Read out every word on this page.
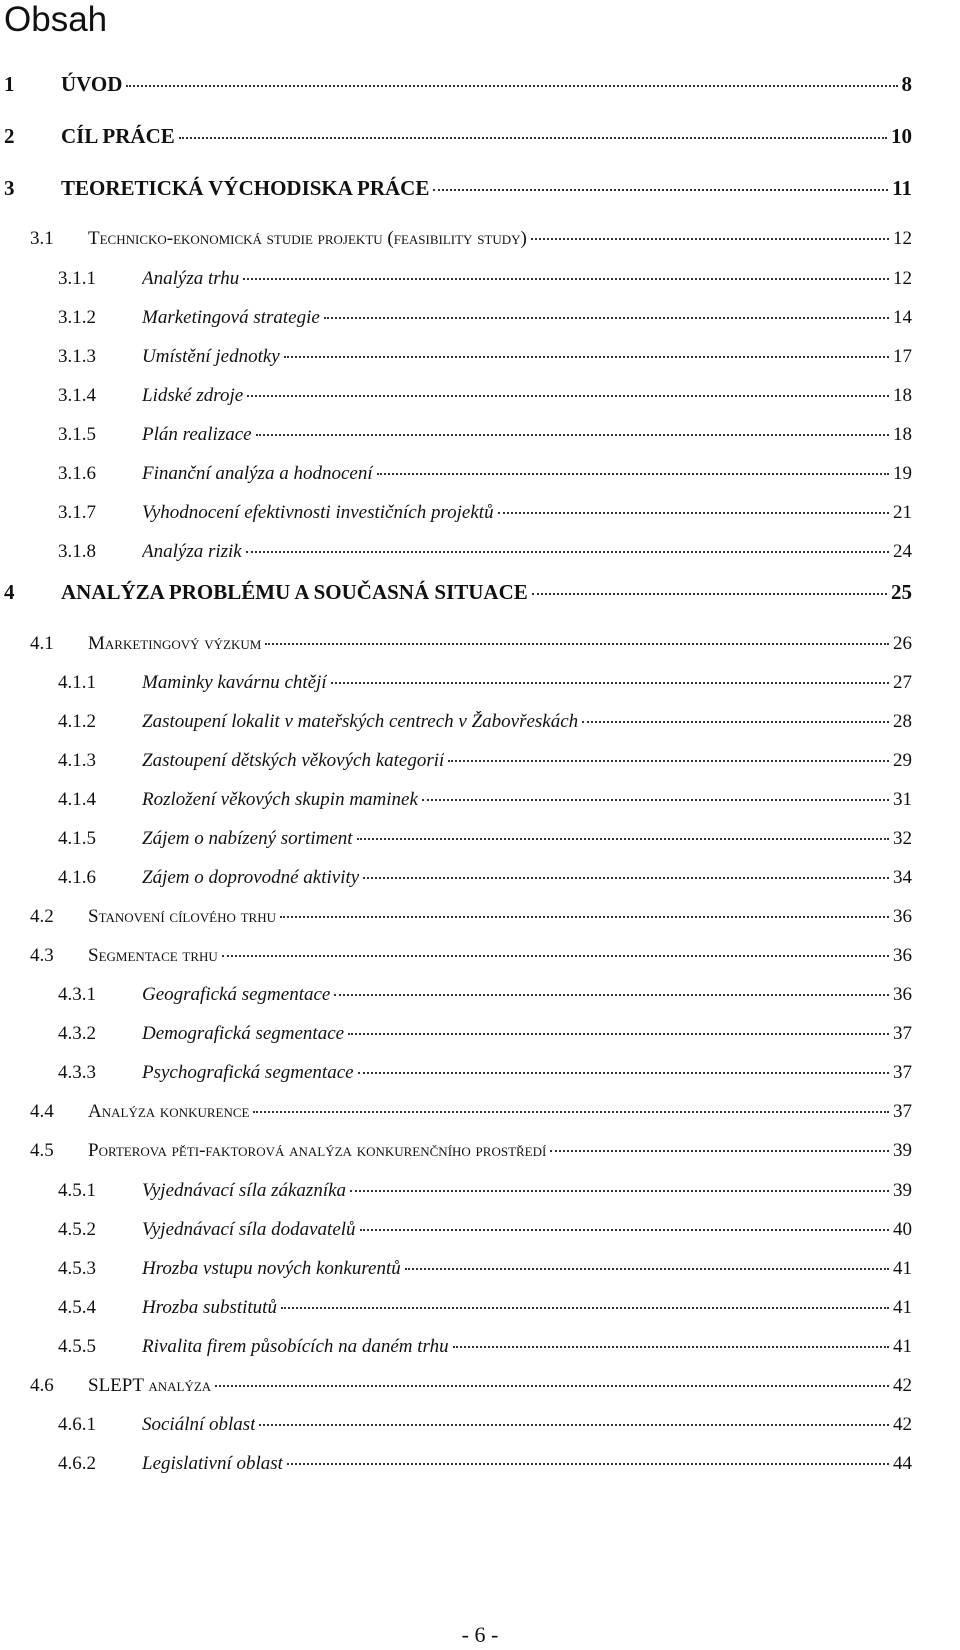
Obsah
1	ÚVOD	8
2	CÍL PRÁCE	10
3	TEORETICKÁ VÝCHODISKA PRÁCE	11
3.1	Technicko-ekonomická studie projektu (feasibility study)	12
3.1.1	Analýza trhu	12
3.1.2	Marketingová strategie	14
3.1.3	Umístění jednotky	17
3.1.4	Lidské zdroje	18
3.1.5	Plán realizace	18
3.1.6	Finanční analýza a hodnocení	19
3.1.7	Vyhodnocení efektivnosti investičních projektů	21
3.1.8	Analýza rizik	24
4	ANALÝZA PROBLÉMU A SOUČASNÁ SITUACE	25
4.1	Marketingový výzkum	26
4.1.1	Maminky kavárnu chtějí	27
4.1.2	Zastoupení lokalit v mateřských centrech v Žabovřeskách	28
4.1.3	Zastoupení dětských věkových kategorií	29
4.1.4	Rozložení věkových skupin maminek	31
4.1.5	Zájem o nabízený sortiment	32
4.1.6	Zájem o doprovodné aktivity	34
4.2	Stanovení cílového trhu	36
4.3	Segmentace trhu	36
4.3.1	Geografická segmentace	36
4.3.2	Demografická segmentace	37
4.3.3	Psychografická segmentace	37
4.4	Analýza konkurence	37
4.5	Porterova pěti-faktorová analýza konkurenčního prostředí	39
4.5.1	Vyjednávací síla zákazníka	39
4.5.2	Vyjednávací síla dodavatelů	40
4.5.3	Hrozba vstupu nových konkurentů	41
4.5.4	Hrozba substitutů	41
4.5.5	Rivalita firem působících na daném trhu	41
4.6	SLEPT analýza	42
4.6.1	Sociální oblast	42
4.6.2	Legislativní oblast	44
- 6 -
